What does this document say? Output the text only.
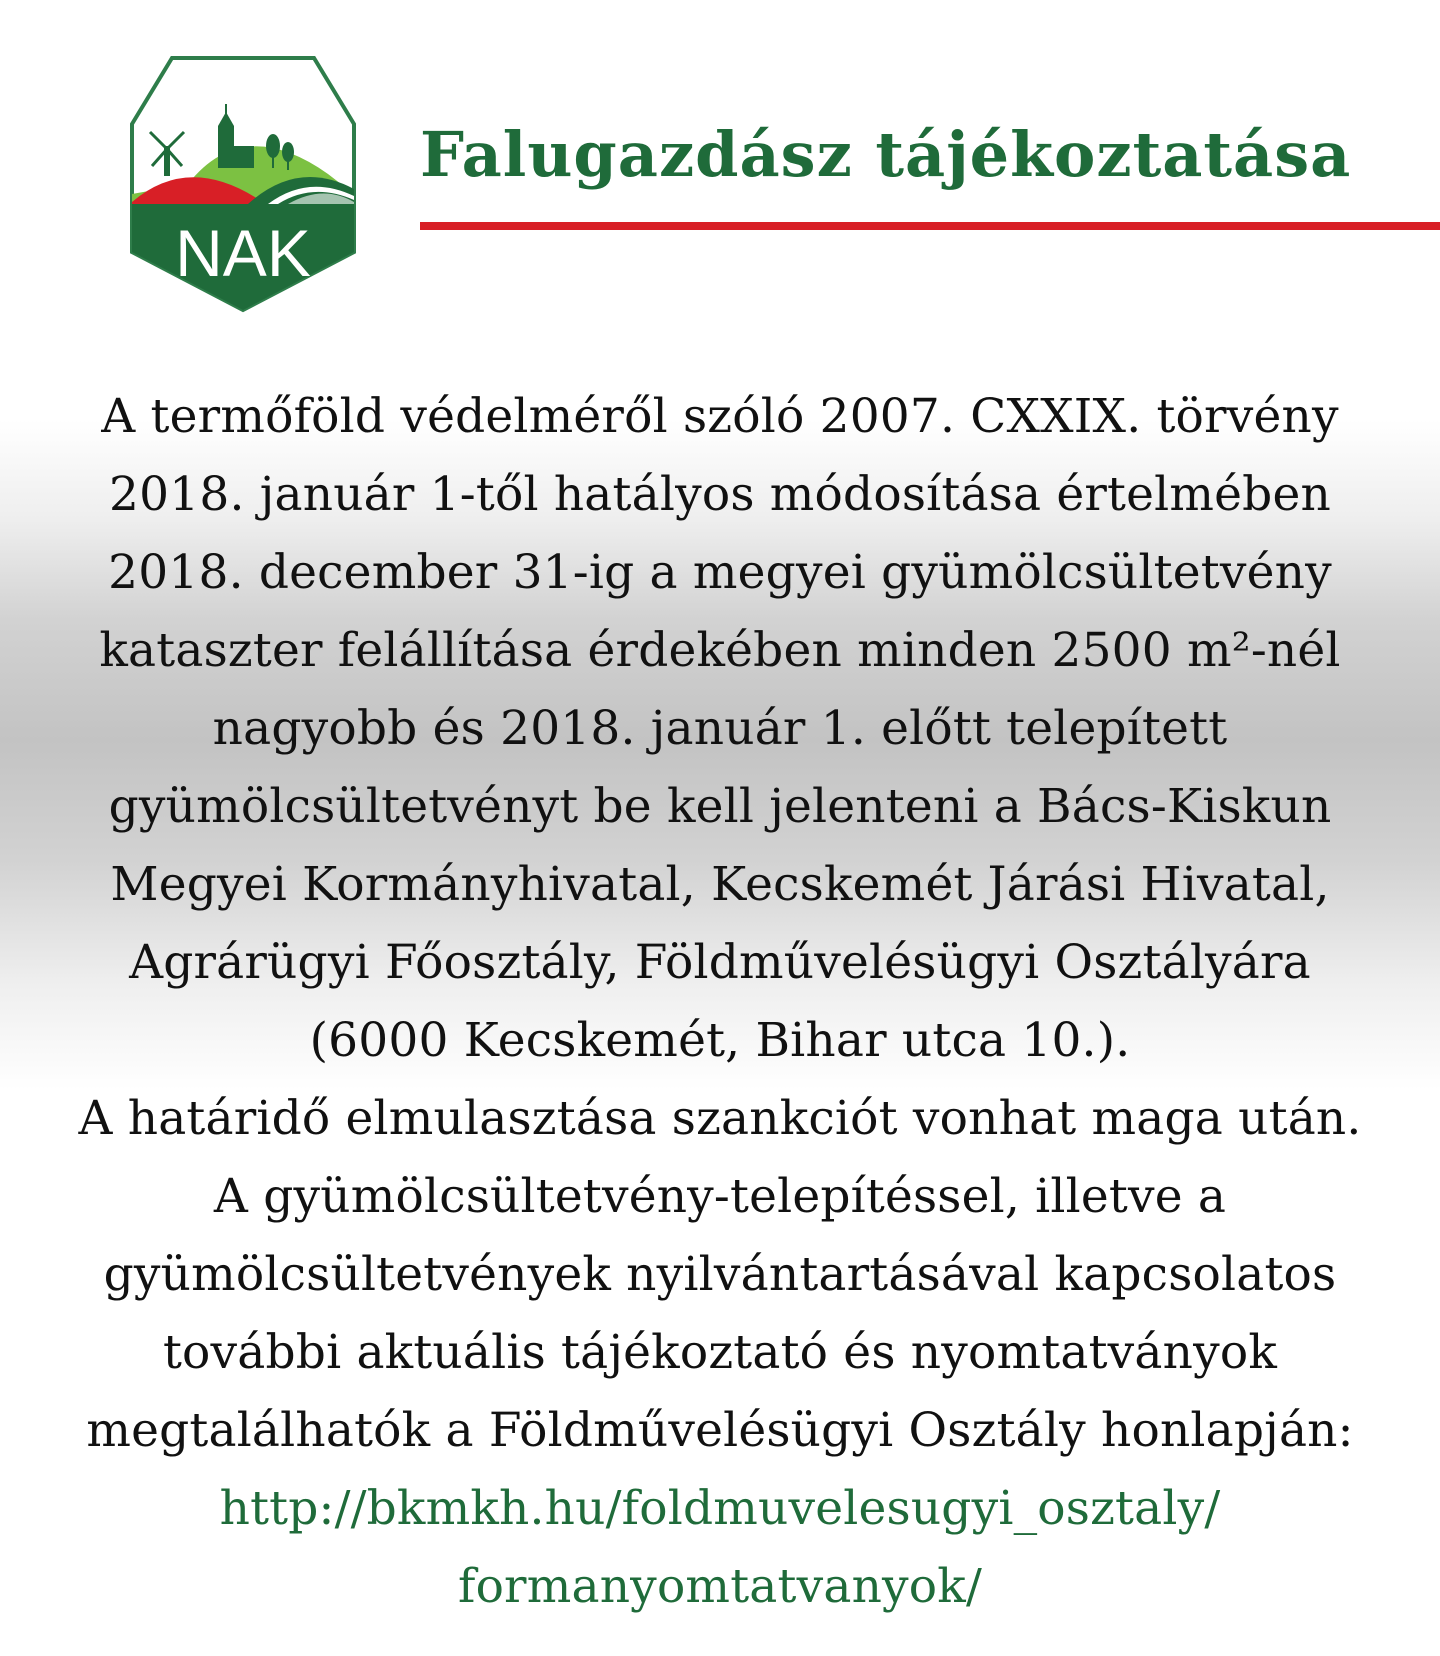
NAK
Falugazdász tájékoztatása
A termőföld védelméről szóló 2007. CXXIX. törvény
2018. január 1-től hatályos módosítása értelmében
2018. december 31-ig a megyei gyümölcsültetvény
kataszter felállítása érdekében minden 2500 m²-nél
nagyobb és 2018. január 1. előtt telepített
gyümölcsültetvényt be kell jelenteni a Bács-Kiskun
Megyei Kormányhivatal, Kecskemét Járási Hivatal,
Agrárügyi Főosztály, Földművelésügyi Osztályára
(6000 Kecskemét, Bihar utca 10.).
A határidő elmulasztása szankciót vonhat maga után.
A gyümölcsültetvény-telepítéssel, illetve a
gyümölcsültetvények nyilvántartásával kapcsolatos
további aktuális tájékoztató és nyomtatványok
megtalálhatók a Földművelésügyi Osztály honlapján:
http://bkmkh.hu/foldmuvelesugyi_osztaly/
formanyomtatvanyok/
